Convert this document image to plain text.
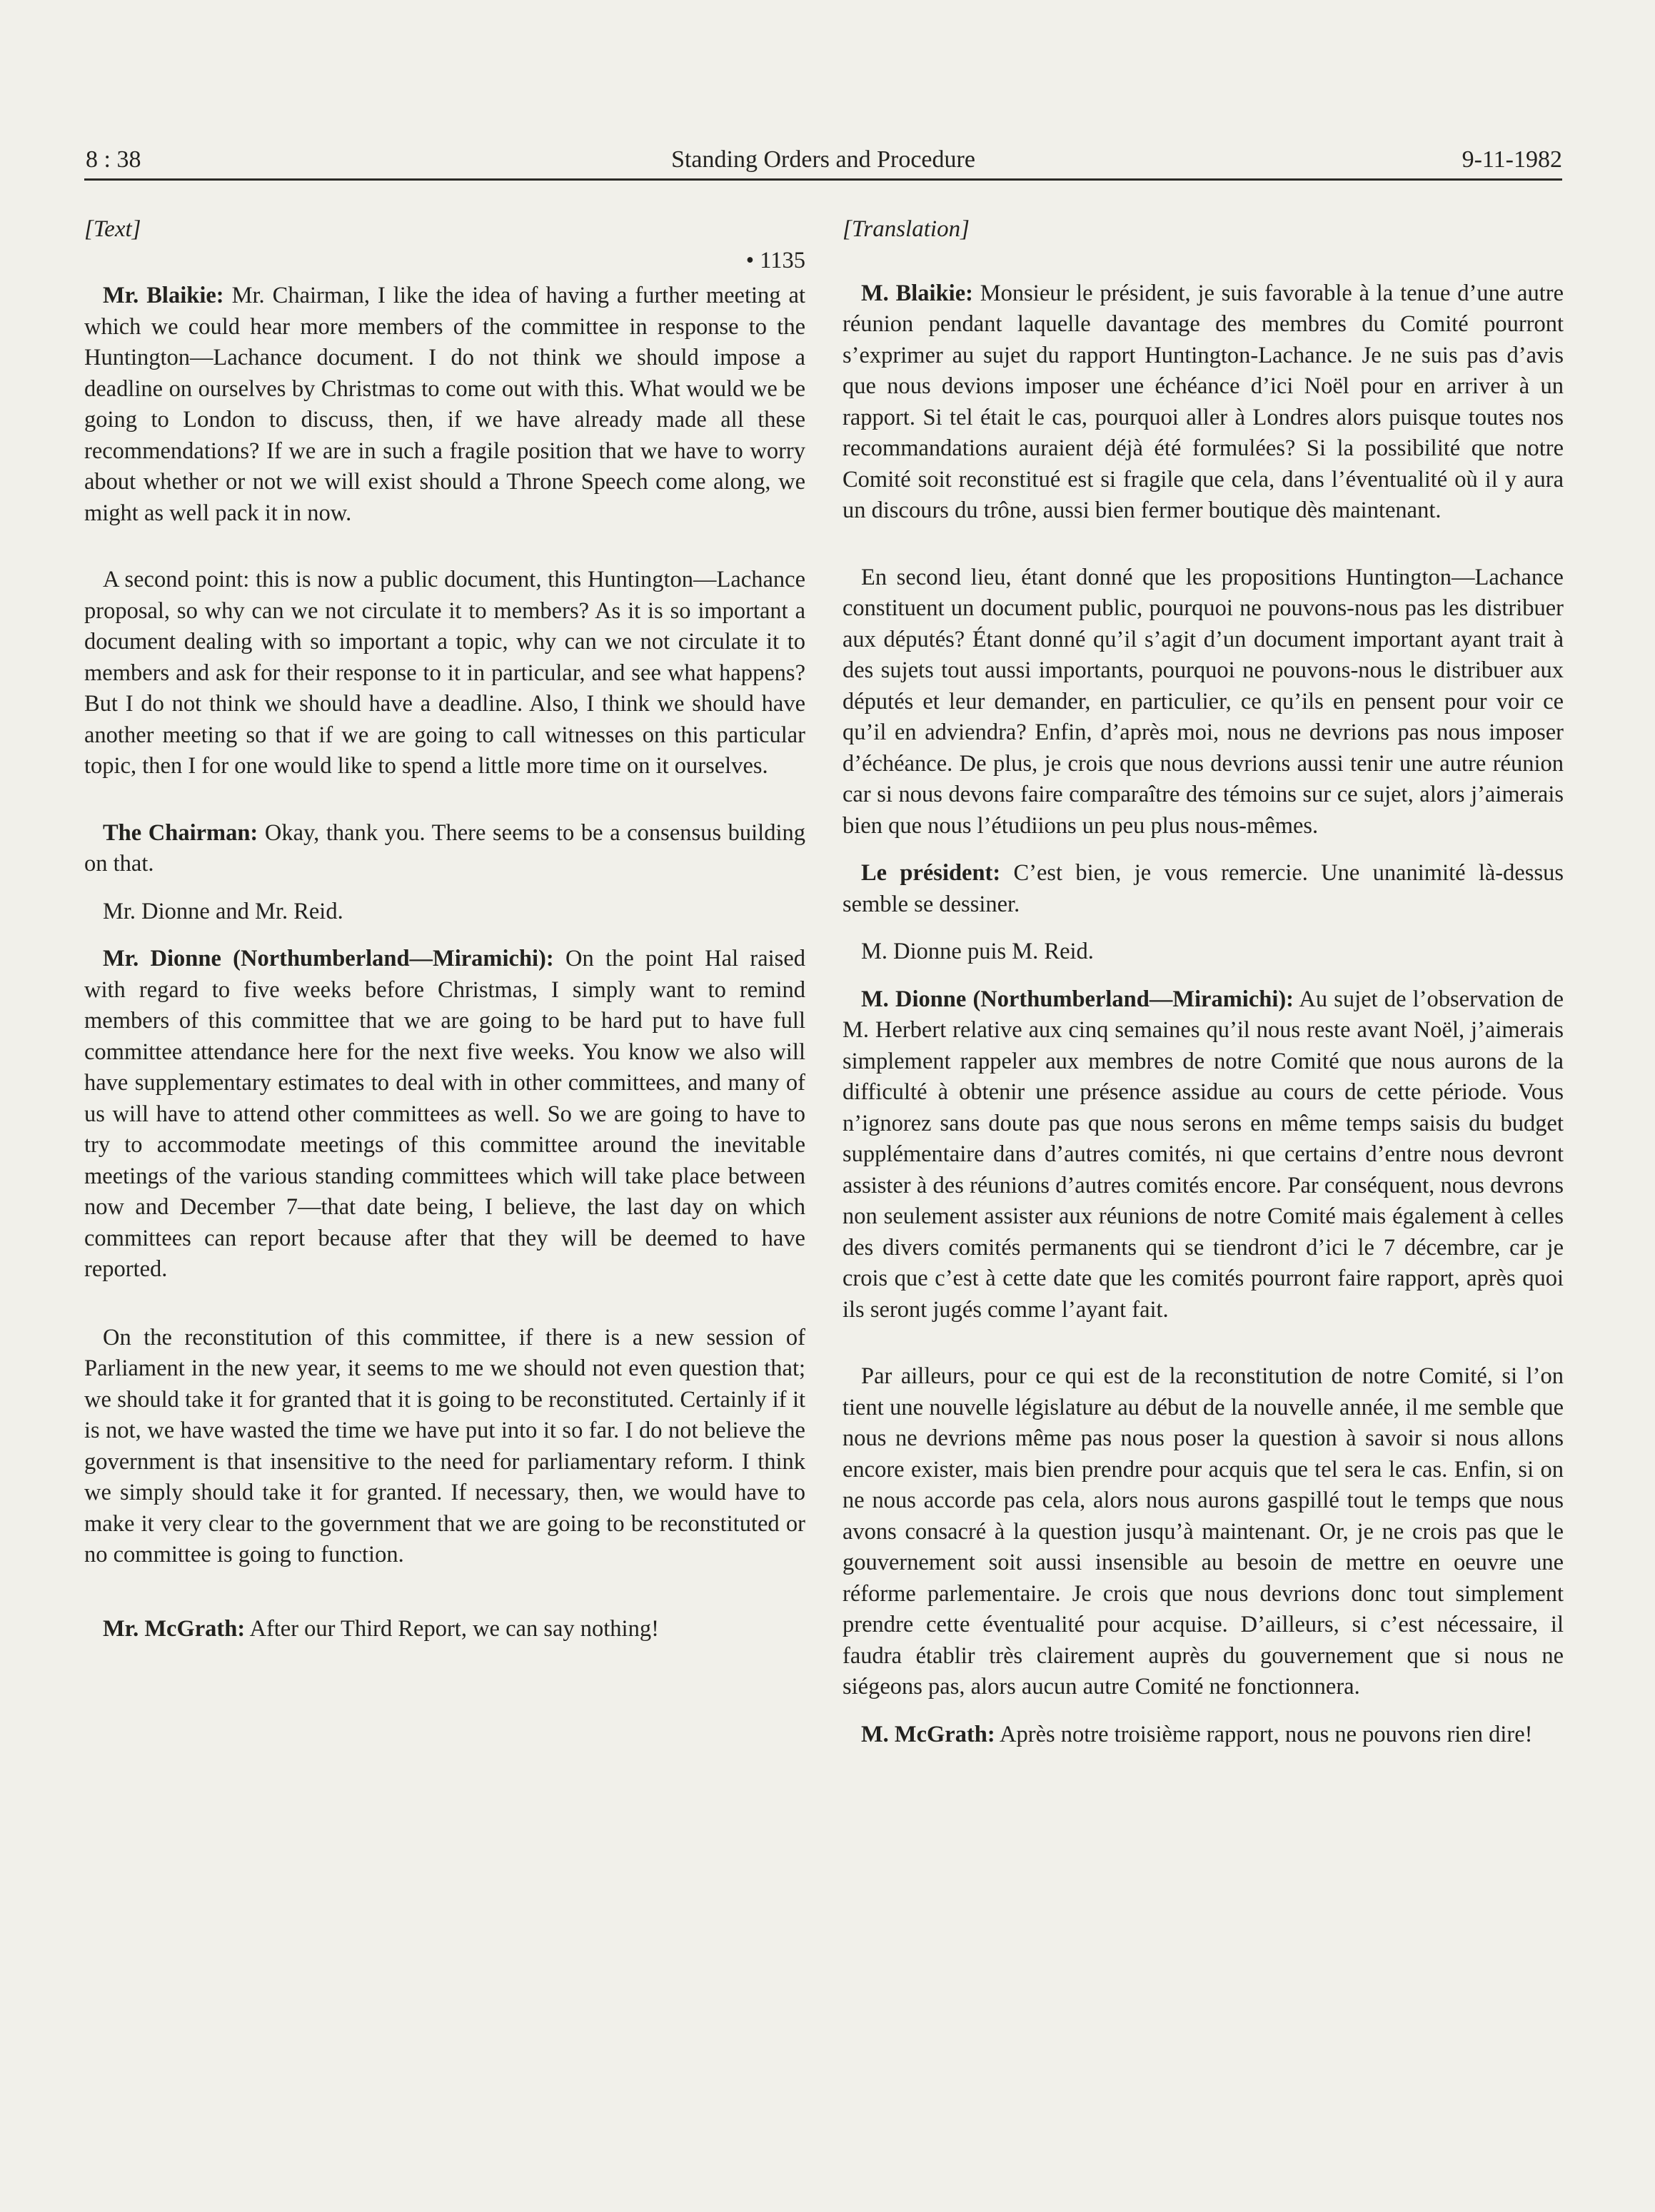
8 : 38	Standing Orders and Procedure	9-11-1982
[Text]
• 1135

Mr. Blaikie: Mr. Chairman, I like the idea of having a further meeting at which we could hear more members of the committee in response to the Huntington—Lachance document. I do not think we should impose a deadline on ourselves by Christmas to come out with this. What would we be going to London to discuss, then, if we have already made all these recommendations? If we are in such a fragile position that we have to worry about whether or not we will exist should a Throne Speech come along, we might as well pack it in now.

A second point: this is now a public document, this Huntington—Lachance proposal, so why can we not circulate it to members? As it is so important a document dealing with so important a topic, why can we not circulate it to members and ask for their response to it in particular, and see what happens? But I do not think we should have a deadline. Also, I think we should have another meeting so that if we are going to call witnesses on this particular topic, then I for one would like to spend a little more time on it ourselves.

The Chairman: Okay, thank you. There seems to be a consensus building on that.

Mr. Dionne and Mr. Reid.

Mr. Dionne (Northumberland—Miramichi): On the point Hal raised with regard to five weeks before Christmas, I simply want to remind members of this committee that we are going to be hard put to have full committee attendance here for the next five weeks. You know we also will have supplementary estimates to deal with in other committees, and many of us will have to attend other committees as well. So we are going to have to try to accommodate meetings of this committee around the inevitable meetings of the various standing committees which will take place between now and December 7—that date being, I believe, the last day on which committees can report because after that they will be deemed to have reported.

On the reconstitution of this committee, if there is a new session of Parliament in the new year, it seems to me we should not even question that; we should take it for granted that it is going to be reconstituted. Certainly if it is not, we have wasted the time we have put into it so far. I do not believe the government is that insensitive to the need for parliamentary reform. I think we simply should take it for granted. If necessary, then, we would have to make it very clear to the government that we are going to be reconstituted or no committee is going to function.

Mr. McGrath: After our Third Report, we can say nothing!

[Translation]

M. Blaikie: Monsieur le président, je suis favorable à la tenue d’une autre réunion pendant laquelle davantage des membres du Comité pourront s’exprimer au sujet du rapport Huntington-Lachance. Je ne suis pas d’avis que nous devions imposer une échéance d’ici Noël pour en arriver à un rapport. Si tel était le cas, pourquoi aller à Londres alors puisque toutes nos recommandations auraient déjà été formulées? Si la possibilité que notre Comité soit reconstitué est si fragile que cela, dans l’éventualité où il y aura un discours du trône, aussi bien fermer boutique dès maintenant.

En second lieu, étant donné que les propositions Huntington—Lachance constituent un document public, pourquoi ne pouvons-nous pas les distribuer aux députés? Étant donné qu’il s’agit d’un document important ayant trait à des sujets tout aussi importants, pourquoi ne pouvons-nous le distribuer aux députés et leur demander, en particulier, ce qu’ils en pensent pour voir ce qu’il en adviendra? Enfin, d’après moi, nous ne devrions pas nous imposer d’échéance. De plus, je crois que nous devrions aussi tenir une autre réunion car si nous devons faire comparaître des témoins sur ce sujet, alors j’aimerais bien que nous l’étudiions un peu plus nous-mêmes.

Le président: C’est bien, je vous remercie. Une unanimité là-dessus semble se dessiner.

M. Dionne puis M. Reid.

M. Dionne (Northumberland—Miramichi): Au sujet de l’observation de M. Herbert relative aux cinq semaines qu’il nous reste avant Noël, j’aimerais simplement rappeler aux membres de notre Comité que nous aurons de la difficulté à obtenir une présence assidue au cours de cette période. Vous n’ignorez sans doute pas que nous serons en même temps saisis du budget supplémentaire dans d’autres comités, ni que certains d’entre nous devront assister à des réunions d’autres comités encore. Par conséquent, nous devrons non seulement assister aux réunions de notre Comité mais également à celles des divers comités permanents qui se tiendront d’ici le 7 décembre, car je crois que c’est à cette date que les comités pourront faire rapport, après quoi ils seront jugés comme l’ayant fait.

Par ailleurs, pour ce qui est de la reconstitution de notre Comité, si l’on tient une nouvelle législature au début de la nouvelle année, il me semble que nous ne devrions même pas nous poser la question à savoir si nous allons encore exister, mais bien prendre pour acquis que tel sera le cas. Enfin, si on ne nous accorde pas cela, alors nous aurons gaspillé tout le temps que nous avons consacré à la question jusqu’à maintenant. Or, je ne crois pas que le gouvernement soit aussi insensible au besoin de mettre en oeuvre une réforme parlementaire. Je crois que nous devrions donc tout simplement prendre cette éventualité pour acquise. D’ailleurs, si c’est nécessaire, il faudra établir très clairement auprès du gouvernement que si nous ne siégeons pas, alors aucun autre Comité ne fonctionnera.

M. McGrath: Après notre troisième rapport, nous ne pouvons rien dire!
